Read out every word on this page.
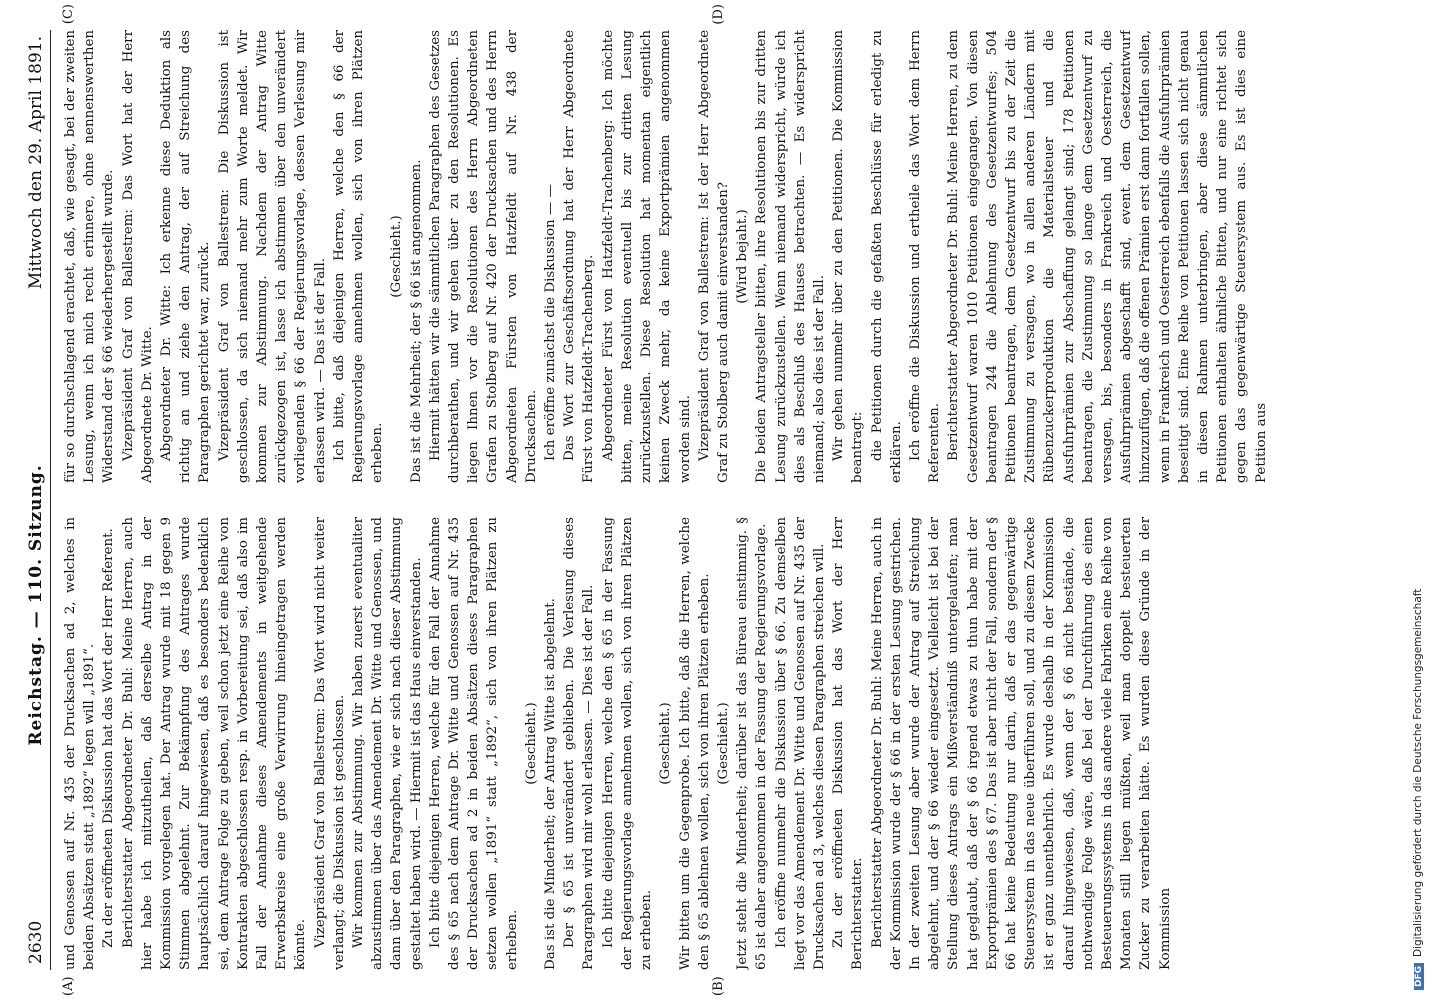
2630
Reichstag. — 110. Sitzung.
Mittwoch den 29. April 1891.
(A)	(B)
(C)	(D)

und Genossen auf Nr. 435 der Drucksachen ad 2, welches in beiden Absätzen statt „1892“ legen will „1891“. Zu der eröffneten Diskussion hat das Wort der Herr Referent. Berichterstatter Abgeordneter Dr. Buhl: Meine Herren, auch hier habe ich mitzutheilen, daß derselbe Antrag in der Kommission vorgelegen hat. Der Antrag wurde mit 18 gegen 9 Stimmen abgelehnt. Zur Bekämpfung des Antrages wurde hauptsächlich darauf hingewiesen, daß es besonders bedenklich sei, dem Antrage Folge zu geben, weil schon jetzt eine Reihe von Kontrakten abgeschlossen resp. in Vorbereitung sei, daß also im Fall der Annahme dieses Amendements in weitgehende Erwerbskreise eine große Verwirrung hineingetragen werden könnte. Vizepräsident Graf von Ballestrem: Das Wort wird nicht weiter verlangt; die Diskussion ist geschlossen. Wir kommen zur Abstimmung. Wir haben zuerst eventualiter abzustimmen über das Amendement Dr. Witte und Genossen, und dann über den Paragraphen, wie er sich nach dieser Abstimmung gestaltet haben wird. — Hiermit ist das Haus einverstanden. Ich bitte diejenigen Herren, welche für den Fall der Annahme des § 65 nach dem Antrage Dr. Witte und Genossen auf Nr. 435 der Drucksachen ad 2 in beiden Absätzen dieses Paragraphen setzen wollen „1891“ statt „1892“, sich von ihren Plätzen zu erheben.

(Geschieht.) Das ist die Minderheit; der Antrag Witte ist abgelehnt. Der § 65 ist unverändert geblieben. Die Verlesung dieses Paragraphen wird mir wohl erlassen. — Dies ist der Fall. Ich bitte diejenigen Herren, welche den § 65 in der Fassung der Regierungsvorlage annehmen wollen, sich von ihren Plätzen zu erheben.

(Geschieht.) Wir bitten um die Gegenprobe. Ich bitte, daß die Herren, welche den § 65 ablehnen wollen, sich von ihren Plätzen erheben. (Geschieht.) Jetzt steht die Minderheit; darüber ist das Büreau einstimmig. § 65 ist daher angenommen in der Fassung der Regierungsvorlage. Ich eröffne nunmehr die Diskussion über § 66. Zu demselben liegt vor das Amendement Dr. Witte und Genossen auf Nr. 435 der Drucksachen ad 3, welches diesen Paragraphen streichen will. Zu der eröffneten Diskussion hat das Wort der Herr Berichterstatter. Berichterstatter Abgeordneter Dr. Buhl: Meine Herren, auch in der Kommission wurde der § 66 in der ersten Lesung gestrichen. In der zweiten Lesung aber wurde der Antrag auf Streichung abgelehnt, und der § 66 wieder eingesetzt. Vielleicht ist bei der Stellung dieses Antrags ein Mißverständniß untergelaufen; man hat geglaubt, daß der § 66 irgend etwas zu thun habe mit der Exportprämien des § 67. Das ist aber nicht der Fall, sondern der § 66 hat keine Bedeutung nur darin, daß er das gegenwärtige Steuersystem in das neue überführen soll, und zu diesem Zwecke ist er ganz unentbehrlich. Es wurde deshalb in der Kommission darauf hingewiesen, daß, wenn der § 66 nicht bestände, die nothwendige Folge wäre, daß bei der Durchführung des einen Besteuerungssystems in das andere viele Fabriken eine Reihe von Monaten still liegen müßten, weil man doppelt besteuerten Zucker zu verarbeiten hätte. Es wurden diese Gründe in der Kommission

für so durchschlagend erachtet, daß, wie gesagt, bei der zweiten Lesung, wenn ich mich recht erinnere, ohne nennenswerthen Widerstand der § 66 wiederhergestellt wurde. Vizepräsident Graf von Ballestrem: Das Wort hat der Herr Abgeordnete Dr. Witte. Abgeordneter Dr. Witte: Ich erkenne diese Deduktion als richtig an und ziehe den Antrag, der auf Streichung des Paragraphen gerichtet war, zurück. Vizepräsident Graf von Ballestrem: Die Diskussion ist geschlossen, da sich niemand mehr zum Worte meldet. Wir kommen zur Abstimmung. Nachdem der Antrag Witte zurückgezogen ist, lasse ich abstimmen über den unverändert vorliegenden § 66 der Regierungsvorlage, dessen Verlesung mir erlassen wird. — Das ist der Fall. Ich bitte, daß diejenigen Herren, welche den § 66 der Regierungsvorlage annehmen wollen, sich von ihren Plätzen erheben.

(Geschieht.) Das ist die Mehrheit; der § 66 ist angenommen. Hiermit hätten wir die sämmtlichen Paragraphen des Gesetzes durchberathen, und wir gehen über zu den Resolutionen. Es liegen Ihnen vor die Resolutionen des Herrn Abgeordneten Grafen zu Stolberg auf Nr. 420 der Drucksachen und des Herrn Abgeordneten Fürsten von Hatzfeldt auf Nr. 438 der Drucksachen. Ich eröffne zunächst die Diskussion — — Das Wort zur Geschäftsordnung hat der Herr Abgeordnete Fürst von Hatzfeldt-Trachenberg. Abgeordneter Fürst von Hatzfeldt-Trachenberg: Ich möchte bitten, meine Resolution eventuell bis zur dritten Lesung zurückzustellen. Diese Resolution hat momentan eigentlich keinen Zweck mehr, da keine Exportprämien angenommen worden sind. Vizepräsident Graf von Ballestrem: Ist der Herr Abgeordnete Graf zu Stolberg auch damit einverstanden? (Wird bejaht.) Die beiden Antragsteller bitten, ihre Resolutionen bis zur dritten Lesung zurückzustellen. Wenn niemand widerspricht, würde ich dies als Beschluß des Hauses betrachten. — Es widerspricht niemand; also dies ist der Fall. Wir gehen nunmehr über zu den Petitionen. Die Kommission beantragt: die Petitionen durch die gefaßten Beschlüsse für erledigt zu erklären. Ich eröffne die Diskussion und ertheile das Wort dem Herrn Referenten. Berichterstatter Abgeordneter Dr. Buhl: Meine Herren, zu dem Gesetzentwurf waren 1010 Petitionen eingegangen. Von diesen beantragen 244 die Ablehnung des Gesetzentwurfes; 504 Petitionen beantragen, dem Gesetzentwurf bis zu der Zeit die Zustimmung zu versagen, wo in allen anderen Ländern mit Rübenzuckerproduktion die Materialsteuer und die Ausfuhrprämien zur Abschaffung gelangt sind; 178 Petitionen beantragen, die Zustimmung so lange dem Gesetzentwurf zu versagen, bis, besonders in Frankreich und Oesterreich, die Ausfuhrprämien abgeschafft sind, event. dem Gesetzentwurf hinzuzufügen, daß die offenen Prämien erst dann fortfallen sollen, wenn in Frankreich und Oesterreich ebenfalls die Ausfuhrprämien beseitigt sind. Eine Reihe von Petitionen lassen sich nicht genau in diesen Rahmen unterbringen, aber diese sämmtlichen Petitionen enthalten ähnliche Bitten, und nur eine richtet sich gegen das gegenwärtige Steuersystem aus. Es ist dies eine Petition aus

DFGDigitalisierung gefördert durch die Deutsche Forschungsgemeinschaft
